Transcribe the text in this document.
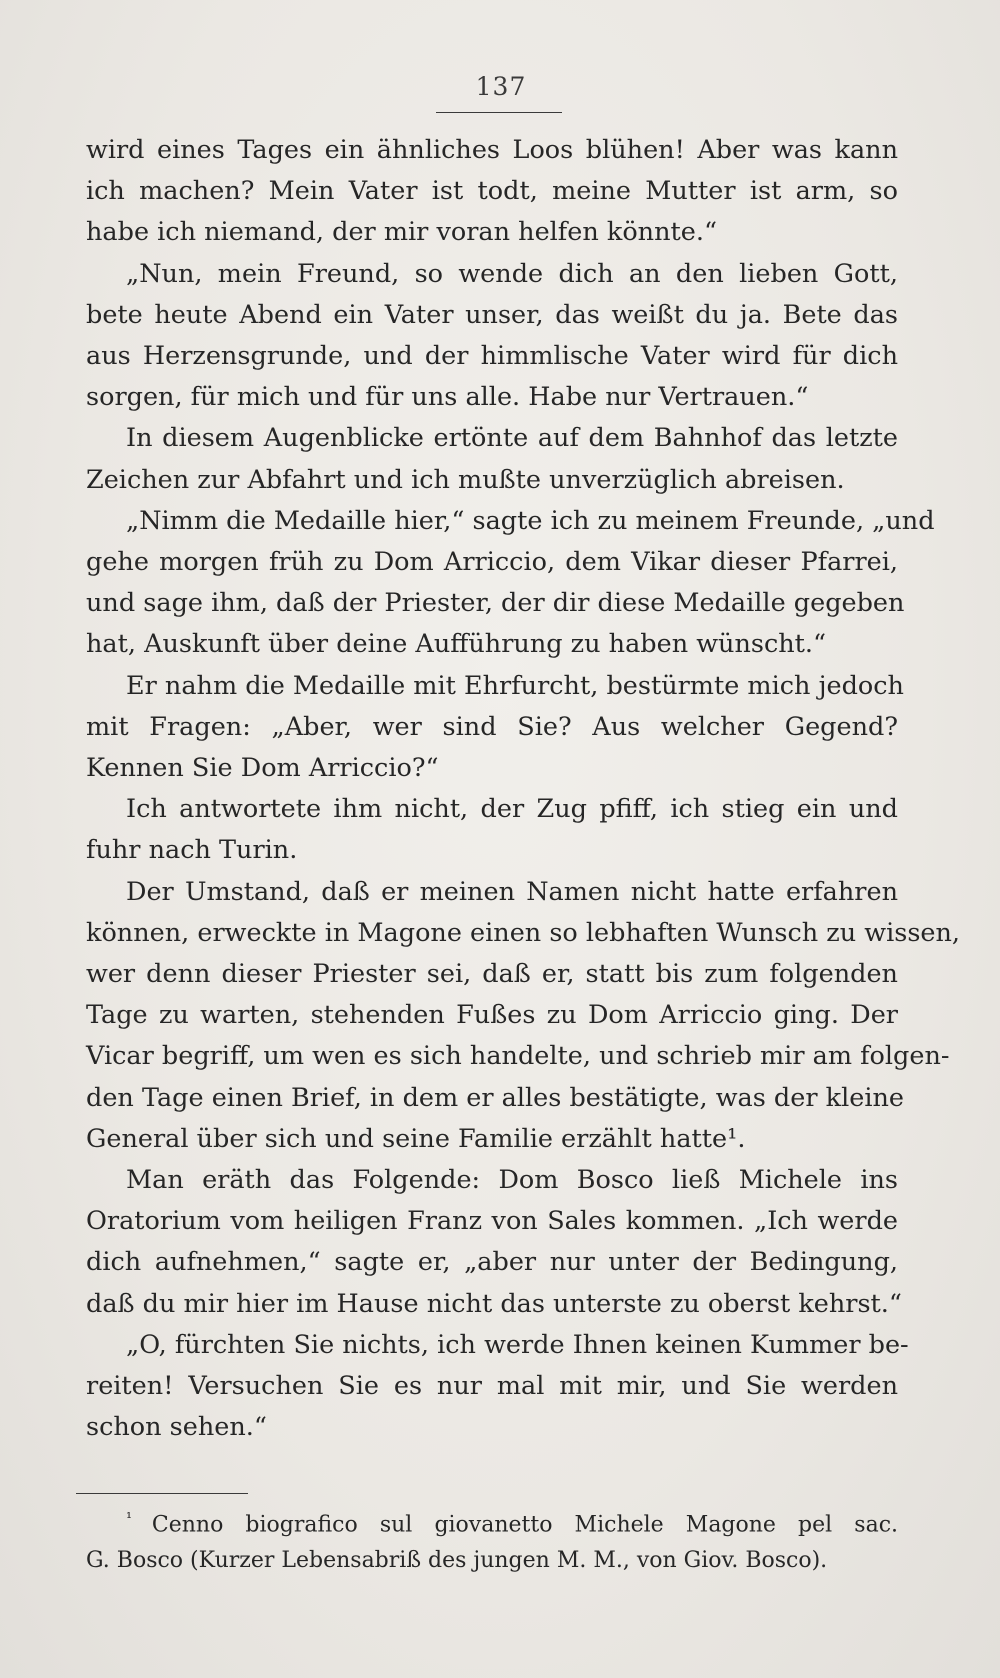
137
wird eines Tages ein ähnliches Loos blühen! Aber was kann
ich machen? Mein Vater ist todt, meine Mutter ist arm, so
habe ich niemand, der mir voran helfen könnte.“
„Nun, mein Freund, so wende dich an den lieben Gott,
bete heute Abend ein Vater unser, das weißt du ja. Bete das
aus Herzensgrunde, und der himmlische Vater wird für dich
sorgen, für mich und für uns alle. Habe nur Vertrauen.“
In diesem Augenblicke ertönte auf dem Bahnhof das letzte
Zeichen zur Abfahrt und ich mußte unverzüglich abreisen.
„Nimm die Medaille hier,“ sagte ich zu meinem Freunde, „und
gehe morgen früh zu Dom Arriccio, dem Vikar dieser Pfarrei,
und sage ihm, daß der Priester, der dir diese Medaille gegeben
hat, Auskunft über deine Aufführung zu haben wünscht.“
Er nahm die Medaille mit Ehrfurcht, bestürmte mich jedoch
mit Fragen: „Aber, wer sind Sie? Aus welcher Gegend?
Kennen Sie Dom Arriccio?“
Ich antwortete ihm nicht, der Zug pfiff, ich stieg ein und
fuhr nach Turin.
Der Umstand, daß er meinen Namen nicht hatte erfahren
können, erweckte in Magone einen so lebhaften Wunsch zu wissen,
wer denn dieser Priester sei, daß er, statt bis zum folgenden
Tage zu warten, stehenden Fußes zu Dom Arriccio ging. Der
Vicar begriff, um wen es sich handelte, und schrieb mir am folgen-
den Tage einen Brief, in dem er alles bestätigte, was der kleine
General über sich und seine Familie erzählt hatte¹.
Man eräth das Folgende: Dom Bosco ließ Michele ins
Oratorium vom heiligen Franz von Sales kommen. „Ich werde
dich aufnehmen,“ sagte er, „aber nur unter der Bedingung,
daß du mir hier im Hause nicht das unterste zu oberst kehrst.“
„O, fürchten Sie nichts, ich werde Ihnen keinen Kummer be-
reiten! Versuchen Sie es nur mal mit mir, und Sie werden
schon sehen.“
$^{^1}$ Cenno biografico sul giovanetto Michele Magone pel sac.
G. Bosco (Kurzer Lebensabriß des jungen M. M., von Giov. Bosco).
